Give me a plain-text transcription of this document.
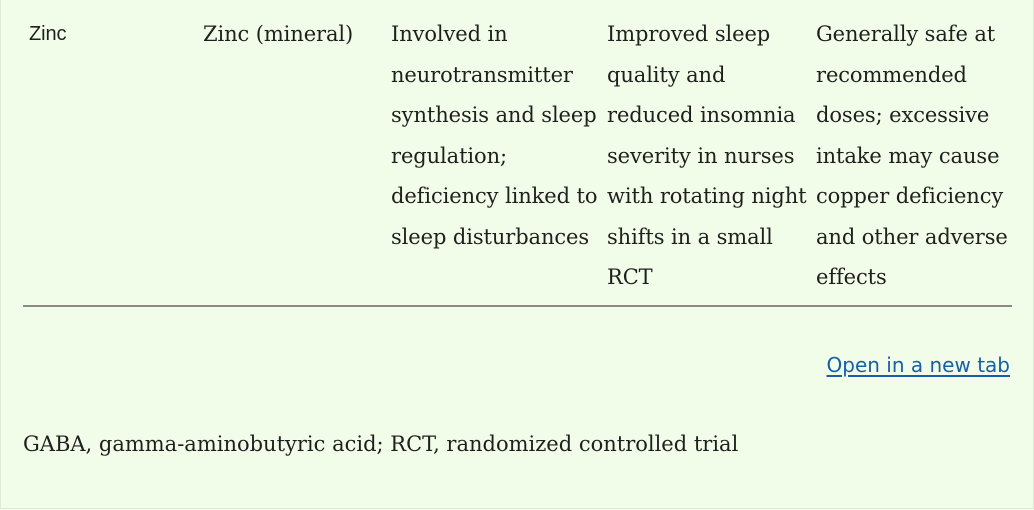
Zinc	Zinc (mineral)	Involved in
neurotransmitter
synthesis and sleep
regulation;
deficiency linked to
sleep disturbances
Improved sleep
quality and
reduced insomnia
severity in nurses
with rotating night
shifts in a small
RCT
Generally safe at
recommended
doses; excessive
intake may cause
copper deficiency
and other adverse
effects
Open in a new tab
GABA, gamma-aminobutyric acid; RCT, randomized controlled trial
